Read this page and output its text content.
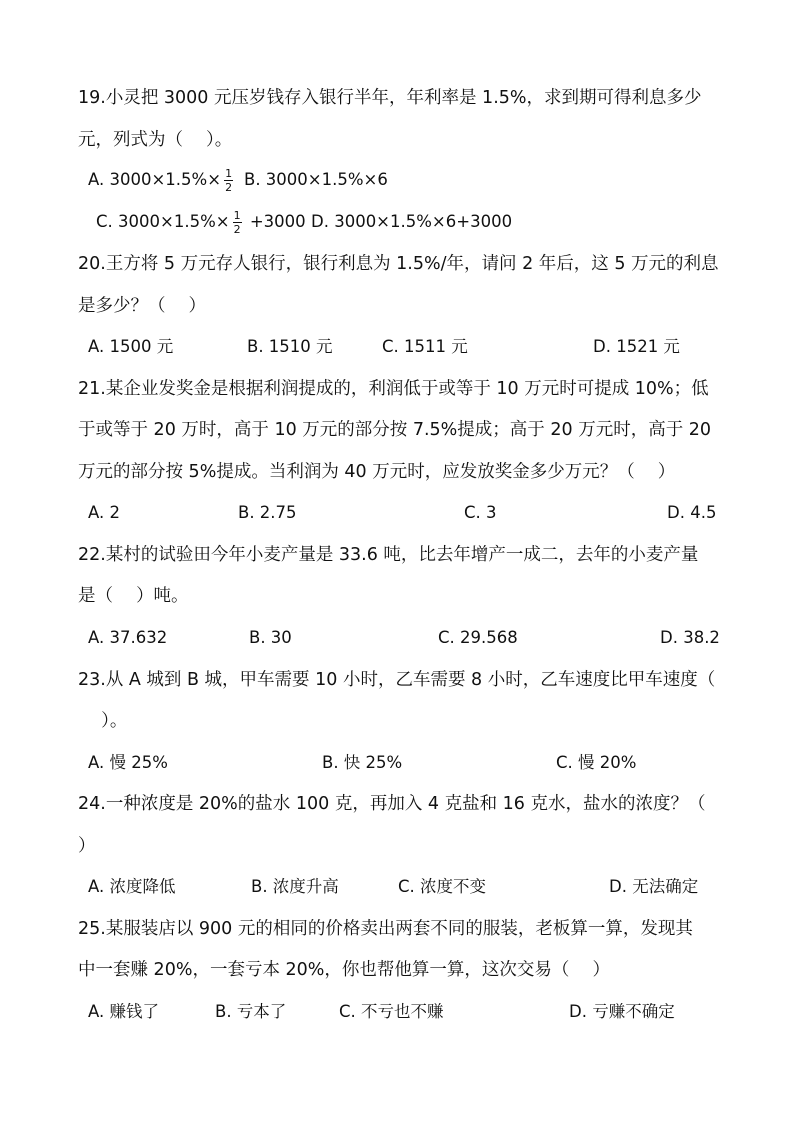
19.小灵把 3000 元压岁钱存入银行半年，年利率是 1.5%，求到期可得利息多少
元，列式为（　 ）。
A. $3000\times 1.5\%\times \frac{1}{2} B$. 3000×1.5%×6
C. $3000\times 1.5\%\times \frac{1}{2} +3000$ D. 3000×1.5%×6+3000
20.王方将 5 万元存人银行，银行利息为 1.5%/年，请问 2 年后，这 5 万元的利息
是多少？（　 ）
A. 1500 元	B. 1510 元	C. 1511 元	D. 1521 元
21.某企业发奖金是根据利润提成的，利润低于或等于 10 万元时可提成 10%；低
于或等于 20 万时，高于 10 万元的部分按 7.5%提成；高于 20 万元时，高于 20
万元的部分按 5%提成。当利润为 40 万元时，应发放奖金多少万元？（　 ）
A. 2	B. 2.75	C. 3	D. 4.5
22.某村的试验田今年小麦产量是 33.6 吨，比去年增产一成二，去年的小麦产量
是（　 ）吨。
A. 37.632	B. 30	C. 29.568	D. 38.2
23.从 A 城到 B 城，甲车需要 10 小时，乙车需要 8 小时，乙车速度比甲车速度（
　 ）。
A. 慢 25%	B. 快 25%	C. 慢 20%
24.一种浓度是 20%的盐水 100 克，再加入 4 克盐和 16 克水，盐水的浓度？（
）
A. 浓度降低	B. 浓度升高	C. 浓度不变	D. 无法确定
25.某服装店以 900 元的相同的价格卖出两套不同的服装，老板算一算，发现其
中一套赚 20%，一套亏本 20%，你也帮他算一算，这次交易（　 ）
A. 赚钱了	B. 亏本了	C. 不亏也不赚	D. 亏赚不确定
